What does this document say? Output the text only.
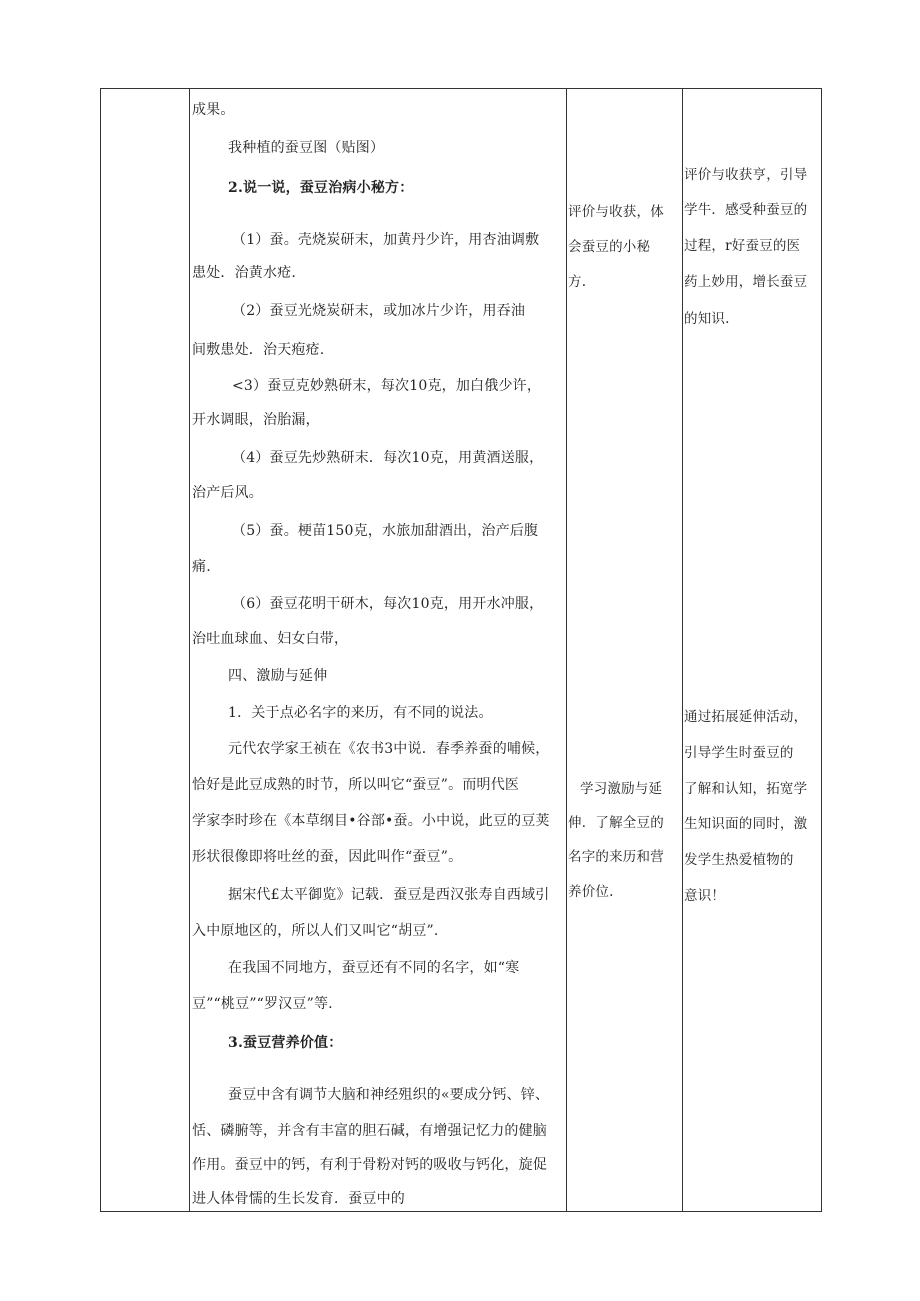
成果。
我种植的蚕豆图（贴图）
2.说一说，蚕豆治病小秘方：
（1）蚕。壳烧炭研末，加黄丹少许，用杏油调敷
患处．治黄水疮.
（2）蚕豆光烧炭研末，或加冰片少许，用吞油
间敷患处．治天疱疮.
<3）蚕豆克妙熟研末，每次10克，加白俄少许，
开水调眼，治胎漏，
（4）蚕豆先炒熟研末．每次10克，用黄酒送服，
治产后风。
（5）蚕。梗苗150克，水旅加甜酒出，治产后腹
痛.
（6）蚕豆花明干研木，每次10克，用开水冲服，
治吐血球血、妇女白带，
四、激励与延伸
1．关于点必名字的来历，有不同的说法。
元代农学家王祯在《农书3中说．春季养蚕的哺候，
恰好是此豆成熟的时节，所以叫它“蚕豆”。而明代医
学家李时珍在《本草纲目•谷部•蚕。小中说，此豆的豆荚
形状很像即将吐丝的蚕，因此叫作“蚕豆”。
据宋代£太平御览》记载．蚕豆是西汉张寿自西域引
入中原地区的，所以人们又叫它“胡豆”.
在我国不同地方，蚕豆还有不同的名字，如“寒
豆”“桃豆”“罗汉豆”等.
3.蚕豆营养价值：
蚕豆中含有调节大脑和神经殂织的«要成分钙、锌、
恬、磷腑等，并含有丰富的胆石碱，有增强记忆力的健脑
作用。蚕豆中的钙，有利于骨粉对钙的吸收与钙化，旋促
进人体骨懦的生长发育．蚕豆中的
评价与收获，体
会蚕豆的小秘
方.
学习激励与延
伸．了解全豆的
名字的来历和营
养价位.
评价与收获亨，引导
学牛．感受种蚕豆的
过程，r好蚕豆的医
药上妙用，增长蚕豆
的知识.
通过拓展延伸活动，
引导学生时蚕豆的
了解和认知，拓宽学
生知识面的同时，激
发学生热爱植物的
意识！
